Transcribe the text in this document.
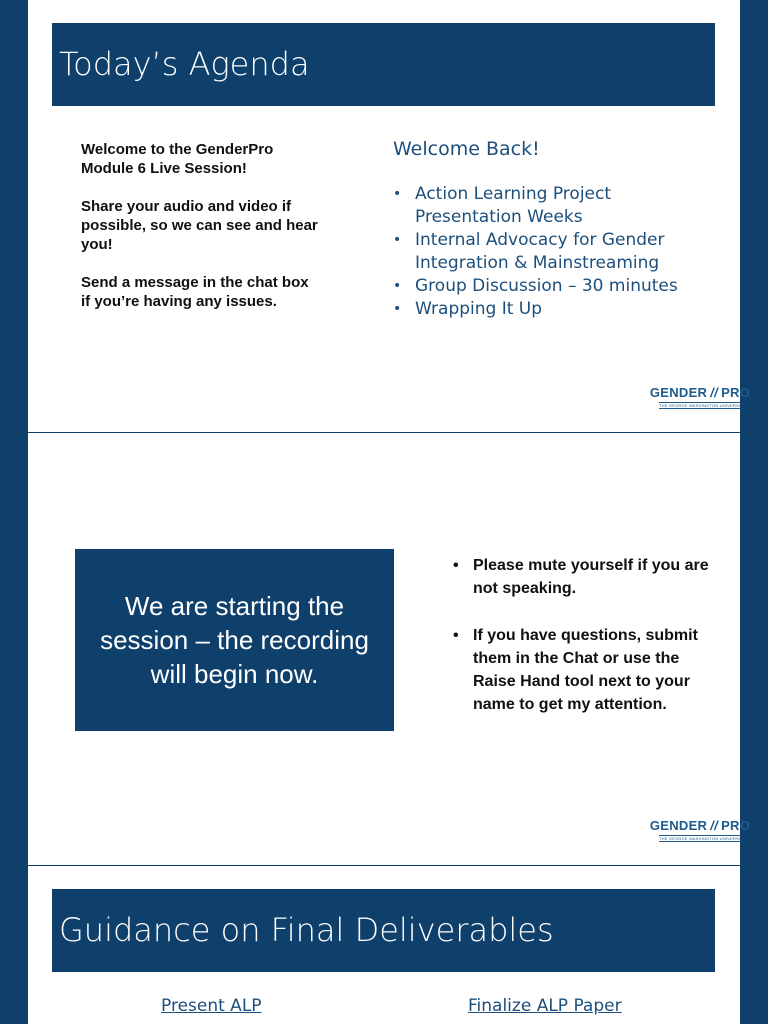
Today’s Agenda

Welcome to the GenderPro Module 6 Live Session!

Share your audio and video if possible, so we can see and hear you!

Send a message in the chat box if you’re having any issues.

Welcome Back!
• Action Learning Project Presentation Weeks
• Internal Advocacy for Gender Integration & Mainstreaming
• Group Discussion – 30 minutes
• Wrapping It Up
GENDER // PRO
THE GEORGE WASHINGTON UNIVERSITY
We are starting the session – the recording will begin now.
• Please mute yourself if you are not speaking.
• If you have questions, submit them in the Chat or use the Raise Hand tool next to your name to get my attention.
GENDER // PRO
THE GEORGE WASHINGTON UNIVERSITY
Guidance on Final Deliverables
Present ALP	Finalize ALP Paper
